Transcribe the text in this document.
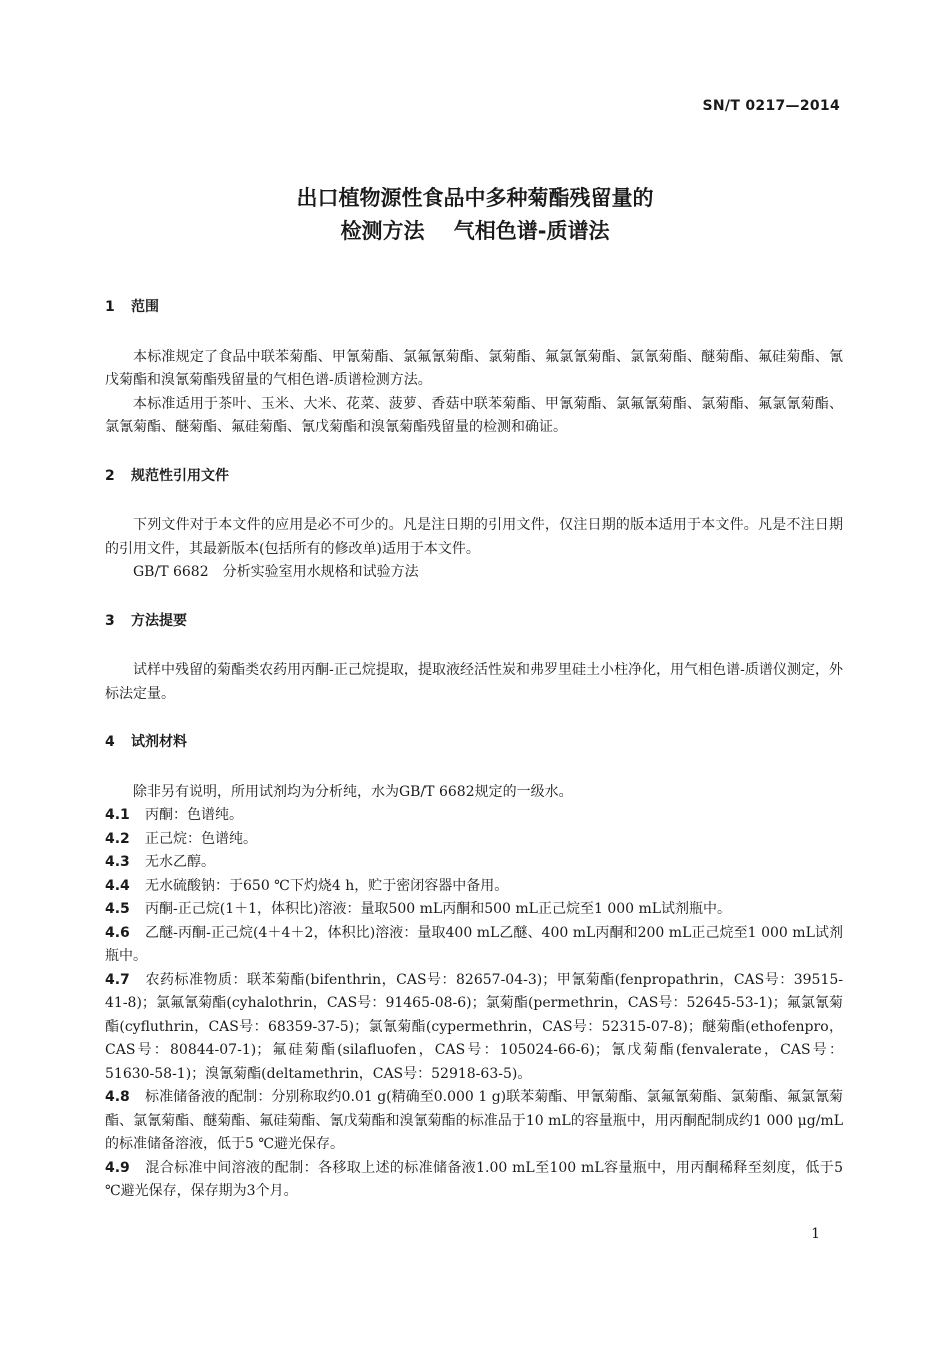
SN/T 0217—2014
出口植物源性食品中多种菊酯残留量的
检测方法    气相色谱-质谱法

1 范围

本标准规定了食品中联苯菊酯、甲氰菊酯、氯氟氰菊酯、氯菊酯、氟氯氰菊酯、氯氰菊酯、醚菊酯、氟硅菊酯、氰戊菊酯和溴氰菊酯残留量的气相色谱-质谱检测方法。

本标准适用于茶叶、玉米、大米、花菜、菠萝、香菇中联苯菊酯、甲氰菊酯、氯氟氰菊酯、氯菊酯、氟氯氰菊酯、氯氰菊酯、醚菊酯、氟硅菊酯、氰戊菊酯和溴氰菊酯残留量的检测和确证。

2 规范性引用文件

下列文件对于本文件的应用是必不可少的。凡是注日期的引用文件，仅注日期的版本适用于本文件。凡是不注日期的引用文件，其最新版本(包括所有的修改单)适用于本文件。

GB/T 6682　分析实验室用水规格和试验方法

3 方法提要

试样中残留的菊酯类农药用丙酮-正己烷提取，提取液经活性炭和弗罗里硅土小柱净化，用气相色谱-质谱仪测定，外标法定量。

4 试剂材料

除非另有说明，所用试剂均为分析纯，水为GB/T 6682规定的一级水。

4.1 丙酮：色谱纯。

4.2 正己烷：色谱纯。

4.3 无水乙醇。

4.4 无水硫酸钠：于650 ℃下灼烧4 h，贮于密闭容器中备用。

4.5 丙酮-正己烷(1＋1，体积比)溶液：量取500 mL丙酮和500 mL正己烷至1 000 mL试剂瓶中。

4.6 乙醚-丙酮-正己烷(4＋4＋2，体积比)溶液：量取400 mL乙醚、400 mL丙酮和200 mL正己烷至1 000 mL试剂瓶中。

4.7 农药标准物质：联苯菊酯(bifenthrin，CAS号：82657-04-3)；甲氰菊酯(fenpropathrin，CAS号：39515-41-8)；氯氟氰菊酯(cyhalothrin，CAS号：91465-08-6)；氯菊酯(permethrin，CAS号：52645-53-1)；氟氯氰菊酯(cyfluthrin，CAS号：68359-37-5)；氯氰菊酯(cypermethrin，CAS号：52315-07-8)；醚菊酯(ethofenpro，CAS号：80844-07-1)；氟硅菊酯(silafluofen，CAS号：105024-66-6)；氰戊菊酯(fenvalerate，CAS号：51630-58-1)；溴氰菊酯(deltamethrin，CAS号：52918-63-5)。

4.8 标准储备液的配制：分别称取约0.01 g(精确至0.000 1 g)联苯菊酯、甲氰菊酯、氯氟氰菊酯、氯菊酯、氟氯氰菊酯、氯氰菊酯、醚菊酯、氟硅菊酯、氰戊菊酯和溴氰菊酯的标准品于10 mL的容量瓶中，用丙酮配制成约1 000 μg/mL的标准储备溶液，低于5 ℃避光保存。

4.9 混合标准中间溶液的配制：各移取上述的标准储备液1.00 mL至100 mL容量瓶中，用丙酮稀释至刻度，低于5 ℃避光保存，保存期为3个月。

1
